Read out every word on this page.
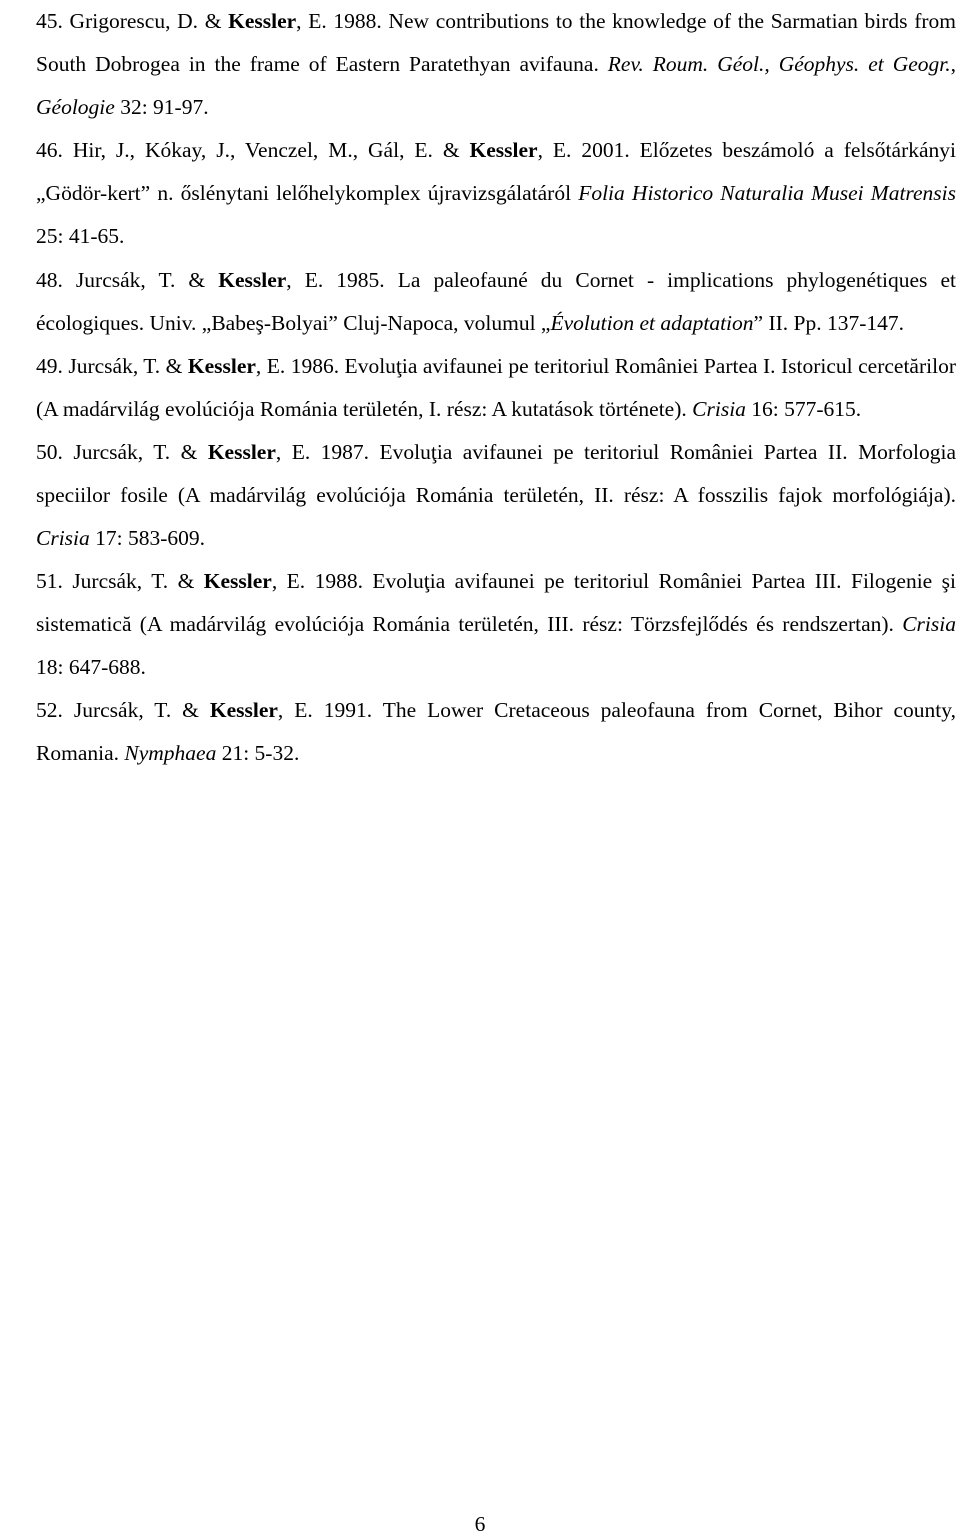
45. Grigorescu, D. & Kessler, E. 1988. New contributions to the knowledge of the Sarmatian birds from South Dobrogea in the frame of Eastern Paratethyan avifauna. Rev. Roum. Géol., Géophys. et Geogr., Géologie 32: 91-97.

46. Hir, J., Kókay, J., Venczel, M., Gál, E. & Kessler, E. 2001. Előzetes beszámoló a felsőtárkányi „Gödör-kert” n. őslénytani lelőhelykomplex újravizsgálatáról Folia Historico Naturalia Musei Matrensis 25: 41-65.

48. Jurcsák, T. & Kessler, E. 1985. La paleofauné du Cornet - implications phylogenétiques et écologiques. Univ. „Babeş-Bolyai” Cluj-Napoca, volumul „Évolution et adaptation” II. Pp. 137-147.

49. Jurcsák, T. & Kessler, E. 1986. Evoluţia avifaunei pe teritoriul României Partea I. Istoricul cercetărilor (A madárvilág evolúciója Románia területén, I. rész: A kutatások története). Crisia 16: 577-615.

50. Jurcsák, T. & Kessler, E. 1987. Evoluţia avifaunei pe teritoriul României Partea II. Morfologia speciilor fosile (A madárvilág evolúciója Románia területén, II. rész: A fosszilis fajok morfológiája). Crisia 17: 583-609.

51. Jurcsák, T. & Kessler, E. 1988. Evoluţia avifaunei pe teritoriul României Partea III. Filogenie şi sistematică (A madárvilág evolúciója Románia területén, III. rész: Törzsfejlődés és rendszertan). Crisia 18: 647-688.

52. Jurcsák, T. & Kessler, E. 1991. The Lower Cretaceous paleofauna from Cornet, Bihor county, Romania. Nymphaea 21: 5-32.

6
